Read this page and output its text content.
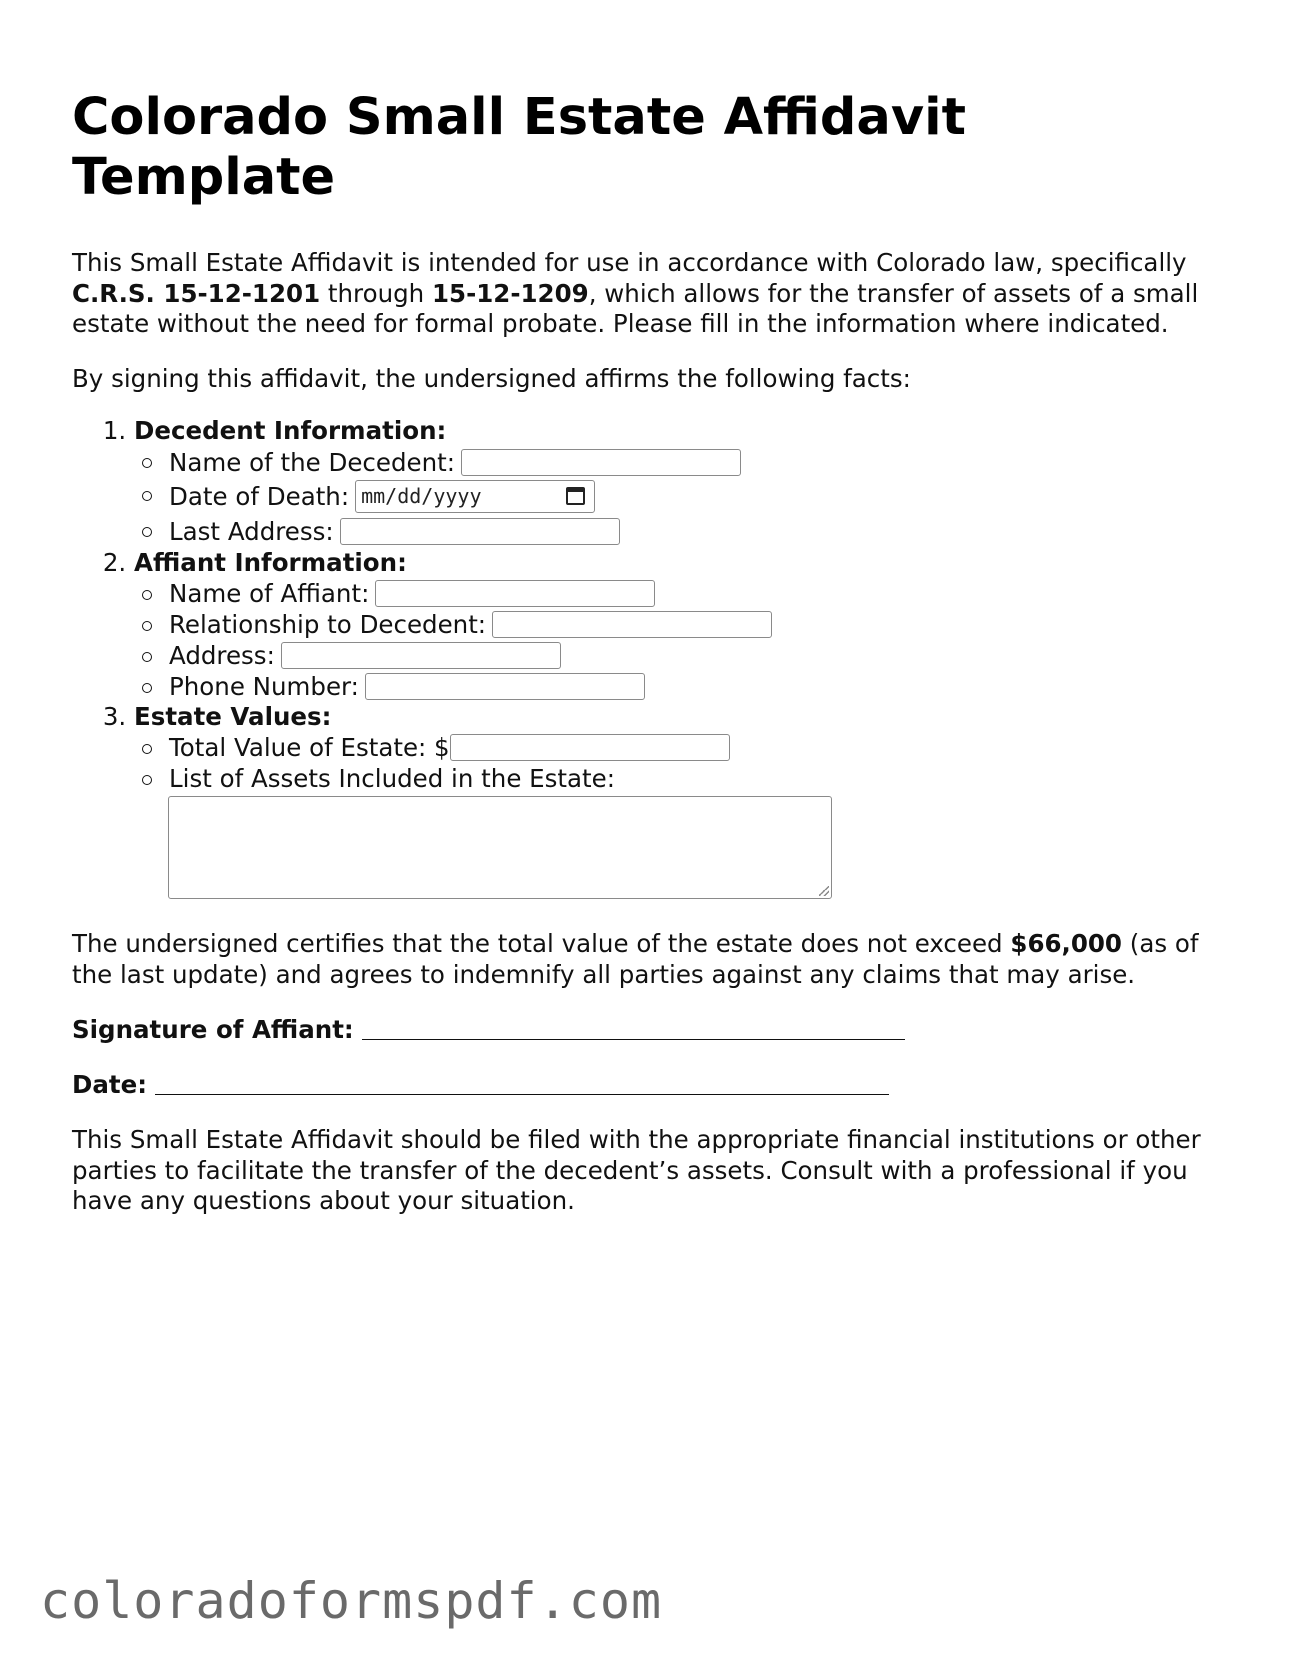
Colorado Small Estate Affidavit Template

This Small Estate Affidavit is intended for use in accordance with Colorado law, specifically C.R.S. 15-12-1201 through 15-12-1209, which allows for the transfer of assets of a small estate without the need for formal probate. Please fill in the information where indicated.

By signing this affidavit, the undersigned affirms the following facts:

1. Decedent Information:
Name of the Decedent:
Date of Death: mm/dd/yyyy
Last Address:
2. Affiant Information:
Name of Affiant:
Relationship to Decedent:
Address:
Phone Number:
3. Estate Values:
Total Value of Estate: $
List of Assets Included in the Estate:

The undersigned certifies that the total value of the estate does not exceed $66,000 (as of the last update) and agrees to indemnify all parties against any claims that may arise.

Signature of Affiant:
Date:

This Small Estate Affidavit should be filed with the appropriate financial institutions or other parties to facilitate the transfer of the decedent’s assets. Consult with a professional if you have any questions about your situation.

coloradoformspdf.com
